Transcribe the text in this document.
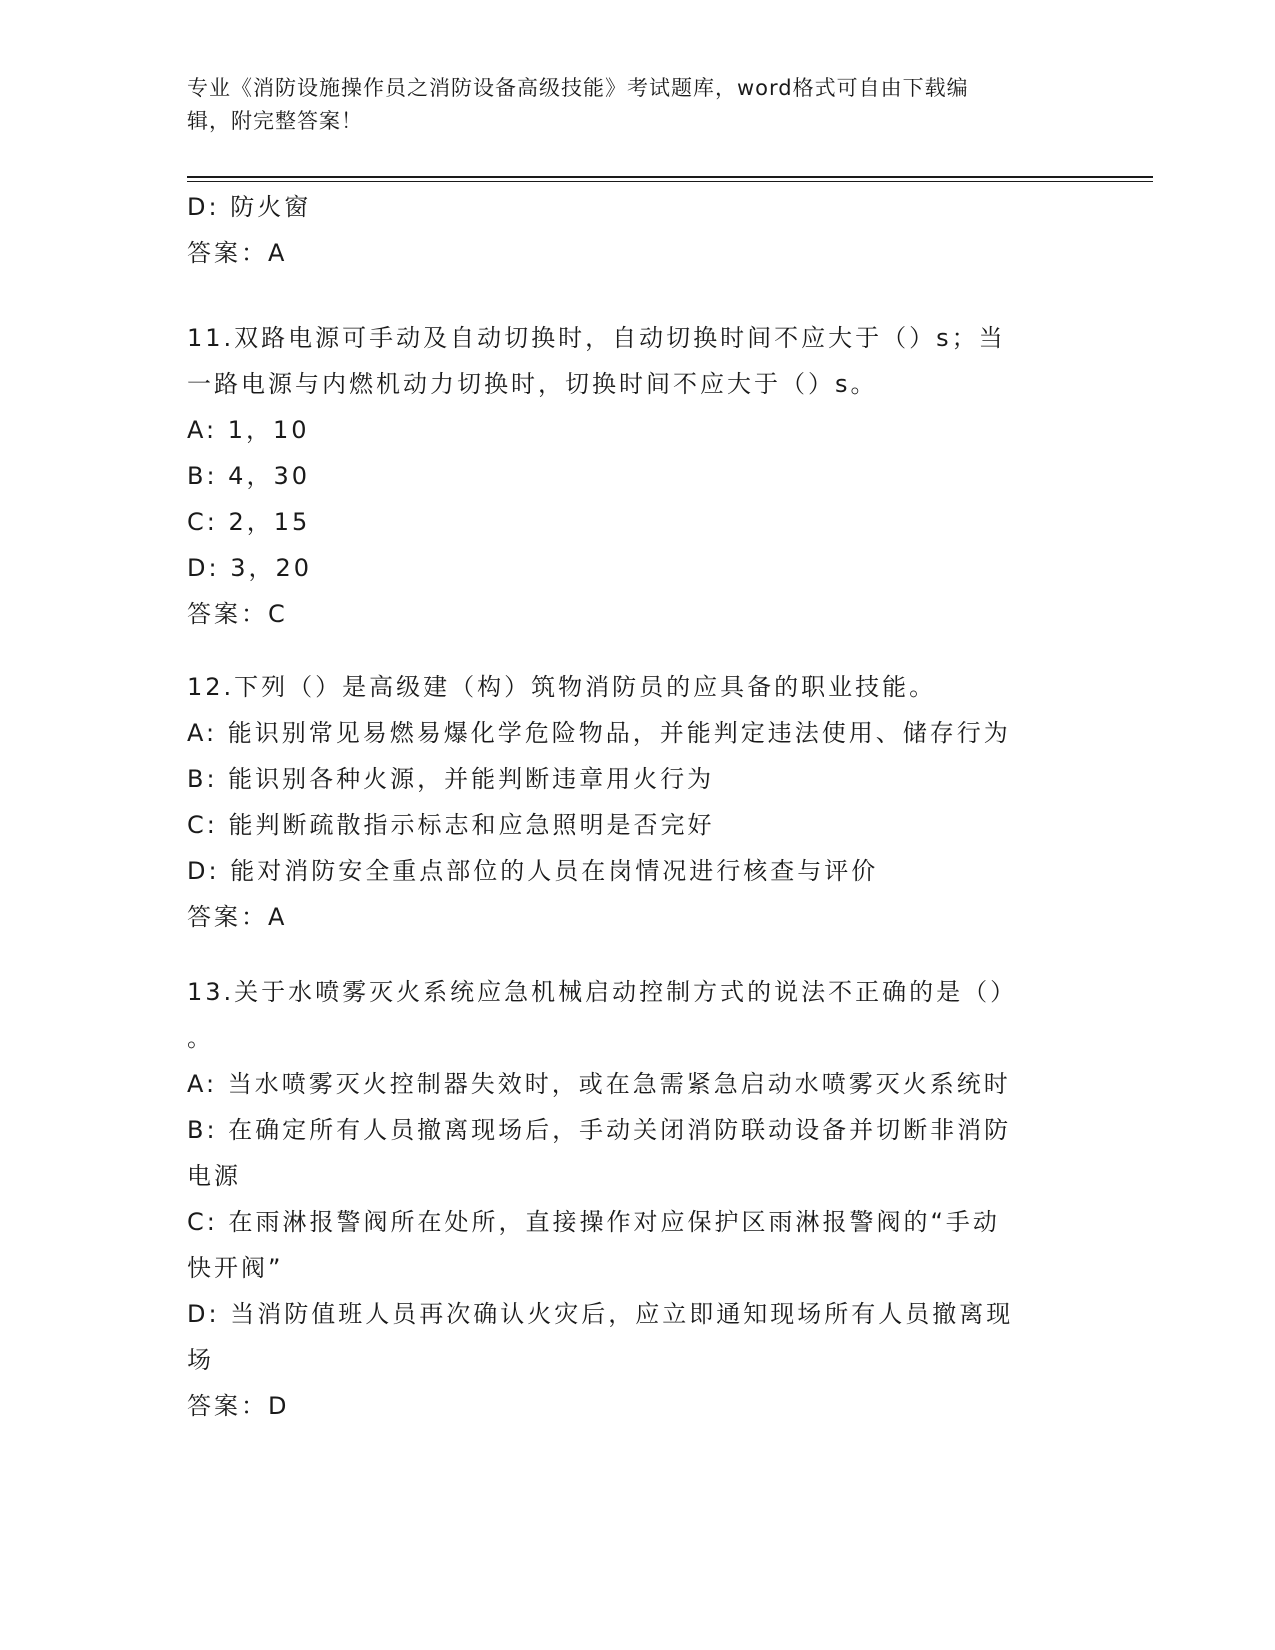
专业《消防设施操作员之消防设备高级技能》考试题库，word格式可自由下载编
辑，附完整答案！
D: 防火窗
答案：A
11.双路电源可手动及自动切换时，自动切换时间不应大于（）s；当
一路电源与内燃机动力切换时，切换时间不应大于（）s。
A: 1，10
B: 4，30
C: 2，15
D: 3，20
答案：C
12.下列（）是高级建（构）筑物消防员的应具备的职业技能。
A: 能识别常见易燃易爆化学危险物品，并能判定违法使用、储存行为
B: 能识别各种火源，并能判断违章用火行为
C: 能判断疏散指示标志和应急照明是否完好
D: 能对消防安全重点部位的人员在岗情况进行核查与评价
答案：A
13.关于水喷雾灭火系统应急机械启动控制方式的说法不正确的是（）
。
A: 当水喷雾灭火控制器失效时，或在急需紧急启动水喷雾灭火系统时
B: 在确定所有人员撤离现场后，手动关闭消防联动设备并切断非消防
电源
C: 在雨淋报警阀所在处所，直接操作对应保护区雨淋报警阀的“手动
快开阀”
D: 当消防值班人员再次确认火灾后，应立即通知现场所有人员撤离现
场
答案：D
